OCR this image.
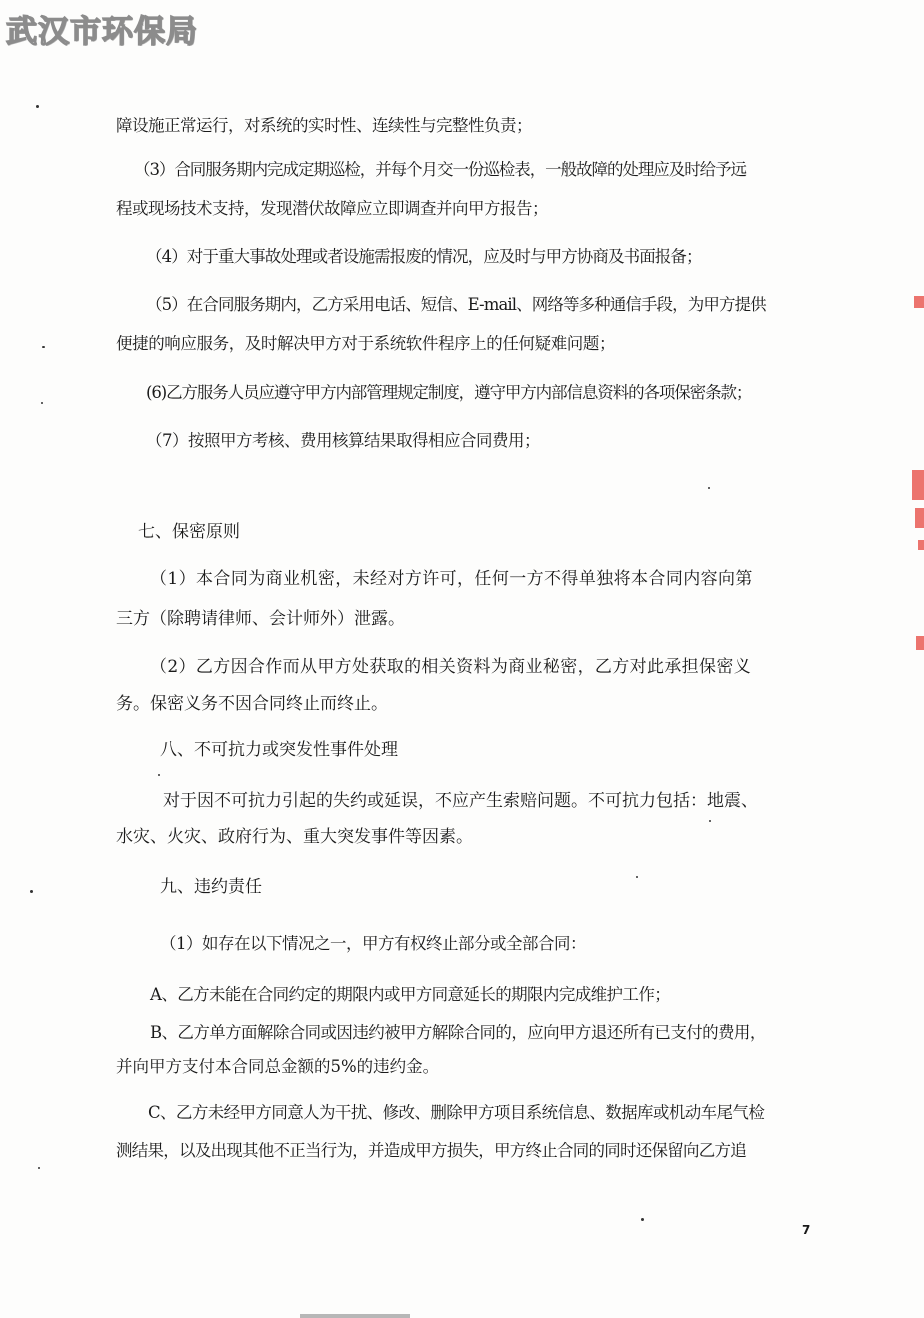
武汉市环保局
障设施正常运行，对系统的实时性、连续性与完整性负责；
（3）合同服务期内完成定期巡检，并每个月交一份巡检表，一般故障的处理应及时给予远
程或现场技术支持，发现潜伏故障应立即调查并向甲方报告；
（4）对于重大事故处理或者设施需报废的情况，应及时与甲方协商及书面报备；
（5）在合同服务期内，乙方采用电话、短信、E-mail、网络等多种通信手段，为甲方提供
便捷的响应服务，及时解决甲方对于系统软件程序上的任何疑难问题；
(6)乙方服务人员应遵守甲方内部管理规定制度，遵守甲方内部信息资料的各项保密条款；
（7）按照甲方考核、费用核算结果取得相应合同费用；
七、保密原则
（1）本合同为商业机密，未经对方许可，任何一方不得单独将本合同内容向第
三方（除聘请律师、会计师外）泄露。
（2）乙方因合作而从甲方处获取的相关资料为商业秘密，乙方对此承担保密义
务。保密义务不因合同终止而终止。
八、不可抗力或突发性事件处理
对于因不可抗力引起的失约或延误，不应产生索赔问题。不可抗力包括：地震、
水灾、火灾、政府行为、重大突发事件等因素。
九、违约责任
（1）如存在以下情况之一，甲方有权终止部分或全部合同：
A、乙方未能在合同约定的期限内或甲方同意延长的期限内完成维护工作；
B、乙方单方面解除合同或因违约被甲方解除合同的，应向甲方退还所有已支付的费用，
并向甲方支付本合同总金额的5%的违约金。
C、乙方未经甲方同意人为干扰、修改、删除甲方项目系统信息、数据库或机动车尾气检
测结果，以及出现其他不正当行为，并造成甲方损失，甲方终止合同的同时还保留向乙方追
7
